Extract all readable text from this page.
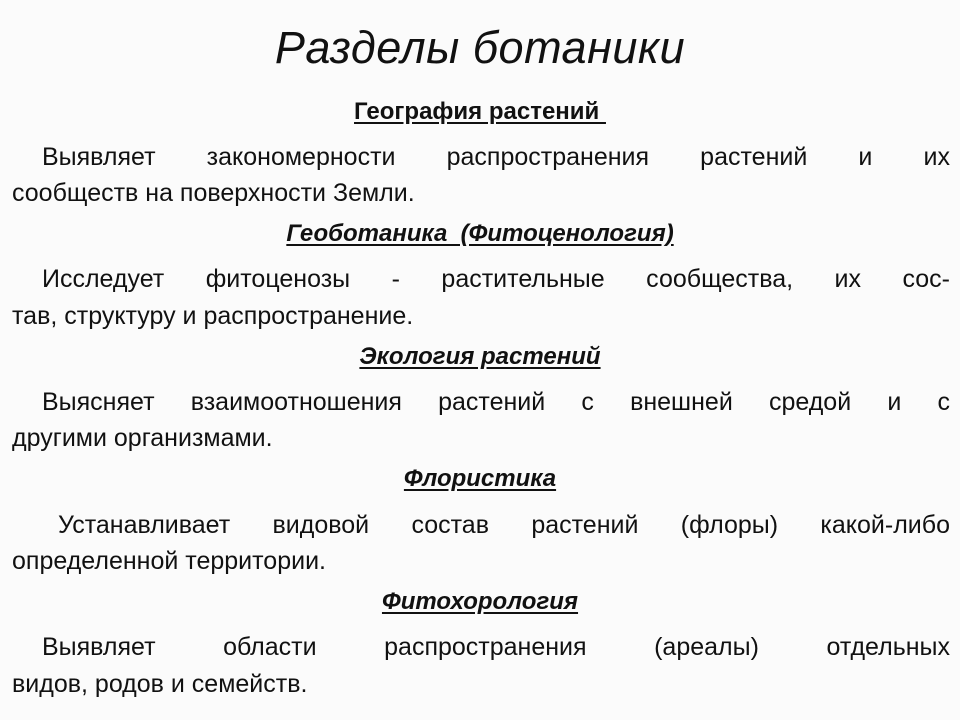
Разделы ботаники
География растений
Выявляет закономерности распространения растений и их
сообществ на поверхности Земли.
Геоботаника  (Фитоценология)
Исследует фитоценозы - растительные сообщества, их сос-
тав, структуру и распространение.
Экология растений
Выясняет взаимоотношения растений с внешней средой и с
другими организмами.
Флористика
Устанавливает видовой состав растений (флоры) какой-либо
определенной территории.
Фитохорология
Выявляет области распространения (ареалы) отдельных
видов, родов и семейств.
